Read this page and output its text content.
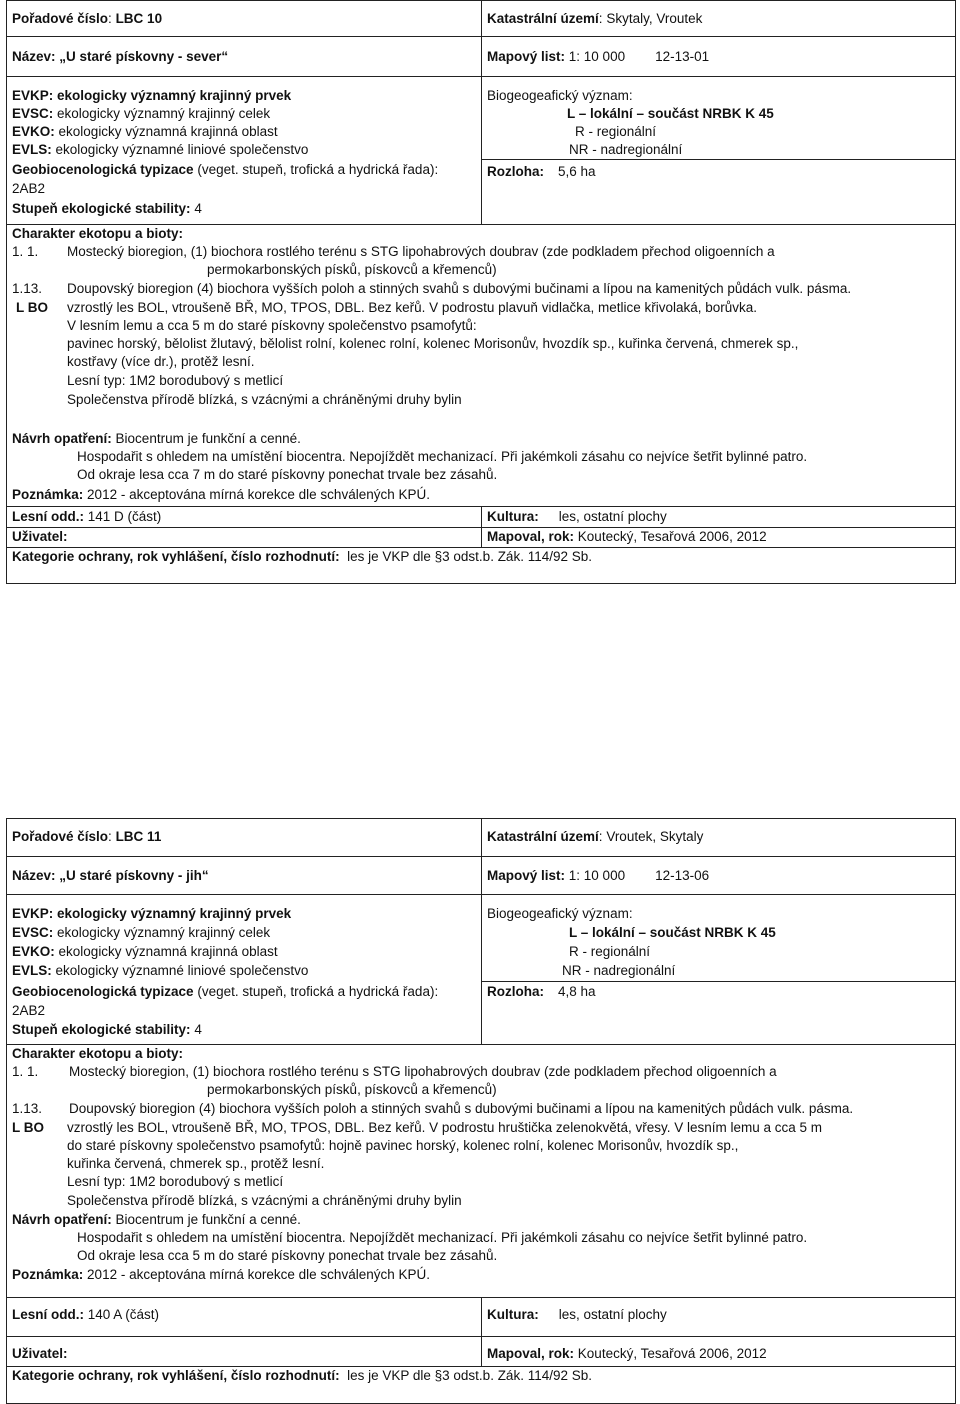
Pořadové číslo: LBC 10	Katastrální území: Skytaly, Vroutek
Název: „U staré pískovny - sever“	Mapový list: 1: 10 000 12-13-01
EVKP: ekologicky významný krajinný prvek
EVSC: ekologicky významný krajinný celek
EVKO: ekologicky významná krajinná oblast
EVLS: ekologicky významné liniové společenstvo
Geobiocenologická typizace (veget. stupeň, trofická a hydrická řada):
2AB2
Stupeň ekologické stability: 4
Biogeogeafický význam:
L – lokální – součást NRBK K 45
R - regionální
NR - nadregionální
Rozloha: 5,6 ha
Charakter ekotopu a bioty:
1. 1. Mostecký bioregion, (1) biochora rostlého terénu s STG lipohabrových doubrav (zde podkladem přechod oligoenních a
permokarbonských písků, pískovců a křemenců)
1.13. Doupovský bioregion (4) biochora vyšších poloh a stinných svahů s dubovými bučinami a lípou na kamenitých půdách vulk. pásma.
L BO vzrostlý les BOL, vtroušeně BŘ, MO, TPOS, DBL. Bez keřů. V podrostu plavuň vidlačka, metlice křivolaká, borůvka.
V lesním lemu a cca 5 m do staré pískovny společenstvo psamofytů:
pavinec horský, bělolist žlutavý, bělolist rolní, kolenec rolní, kolenec Morisonův, hvozdík sp., kuřinka červená, chmerek sp.,
kostřavy (více dr.), protěž lesní.
Lesní typ: 1M2 borodubový s metlicí
Společenstva přírodě blízká, s vzácnými a chráněnými druhy bylin
Návrh opatření: Biocentrum je funkční a cenné.
Hospodařit s ohledem na umístění biocentra. Nepojíždět mechanizací. Při jakémkoli zásahu co nejvíce šetřit bylinné patro.
Od okraje lesa cca 7 m do staré pískovny ponechat trvale bez zásahů.
Poznámka: 2012 - akceptována mírná korekce dle schválených KPÚ.
Lesní odd.: 141 D (část)	Kultura: les, ostatní plochy
Uživatel:	Mapoval, rok: Koutecký, Tesařová 2006, 2012
Kategorie ochrany, rok vyhlášení, číslo rozhodnutí: les je VKP dle §3 odst.b. Zák. 114/92 Sb.
Pořadové číslo: LBC 11	Katastrální území: Vroutek, Skytaly
Název: „U staré pískovny - jih“	Mapový list: 1: 10 000 12-13-06
EVKP: ekologicky významný krajinný prvek
EVSC: ekologicky významný krajinný celek
EVKO: ekologicky významná krajinná oblast
EVLS: ekologicky významné liniové společenstvo
Geobiocenologická typizace (veget. stupeň, trofická a hydrická řada):
2AB2
Stupeň ekologické stability: 4
Biogeogeafický význam:
L – lokální – součást NRBK K 45
R - regionální
NR - nadregionální
Rozloha: 4,8 ha
Charakter ekotopu a bioty:
1. 1. Mostecký bioregion, (1) biochora rostlého terénu s STG lipohabrových doubrav (zde podkladem přechod oligoenních a
permokarbonských písků, pískovců a křemenců)
1.13. Doupovský bioregion (4) biochora vyšších poloh a stinných svahů s dubovými bučinami a lípou na kamenitých půdách vulk. pásma.
L BO vzrostlý les BOL, vtroušeně BŘ, MO, TPOS, DBL. Bez keřů. V podrostu hruštička zelenokvětá, vřesy. V lesním lemu a cca 5 m
do staré pískovny společenstvo psamofytů: hojně pavinec horský, kolenec rolní, kolenec Morisonův, hvozdík sp.,
kuřinka červená, chmerek sp., protěž lesní.
Lesní typ: 1M2 borodubový s metlicí
Společenstva přírodě blízká, s vzácnými a chráněnými druhy bylin
Návrh opatření: Biocentrum je funkční a cenné.
Hospodařit s ohledem na umístění biocentra. Nepojíždět mechanizací. Při jakémkoli zásahu co nejvíce šetřit bylinné patro.
Od okraje lesa cca 5 m do staré pískovny ponechat trvale bez zásahů.
Poznámka: 2012 - akceptována mírná korekce dle schválených KPÚ.
Lesní odd.: 140 A (část)	Kultura: les, ostatní plochy
Uživatel:	Mapoval, rok: Koutecký, Tesařová 2006, 2012
Kategorie ochrany, rok vyhlášení, číslo rozhodnutí: les je VKP dle §3 odst.b. Zák. 114/92 Sb.
